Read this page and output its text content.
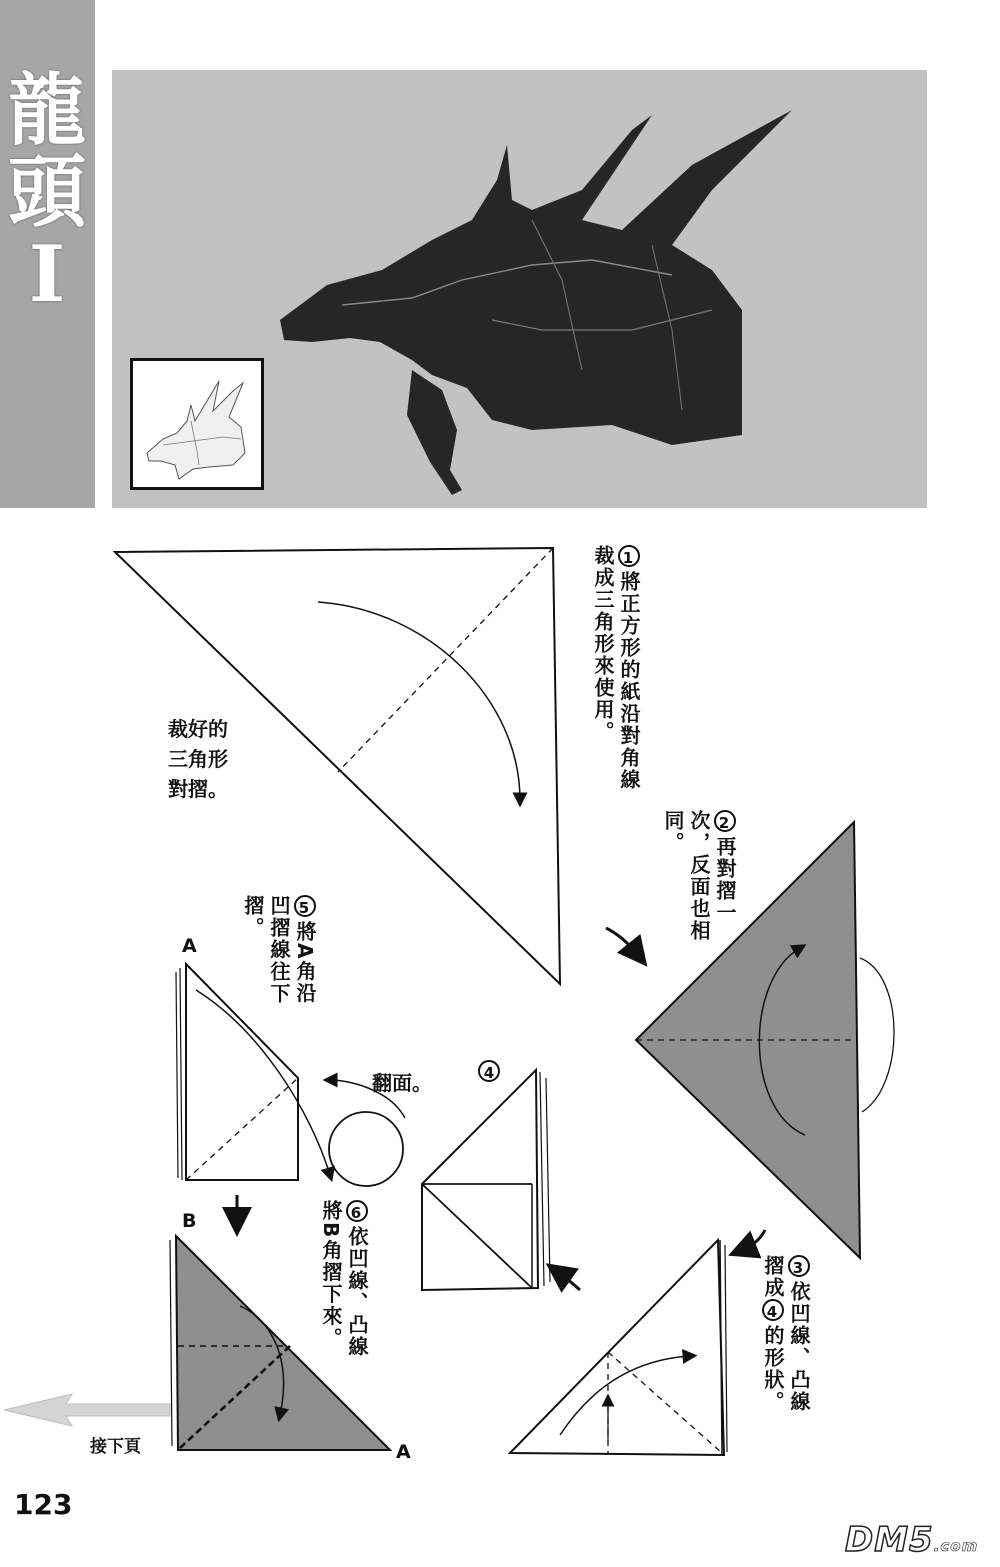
龍
頭
I
1將正方形的紙沿對角線裁成三角形來使用。
裁好的
三角形
對摺。
2再對摺一次，反面也相同。
3依凹線、凸線摺成4的形狀。
4
翻面。
5將A角沿凹摺線往下摺。
6依凹線、凸線將B角摺下來。
A
B
A
接下頁
123
DM5.com
